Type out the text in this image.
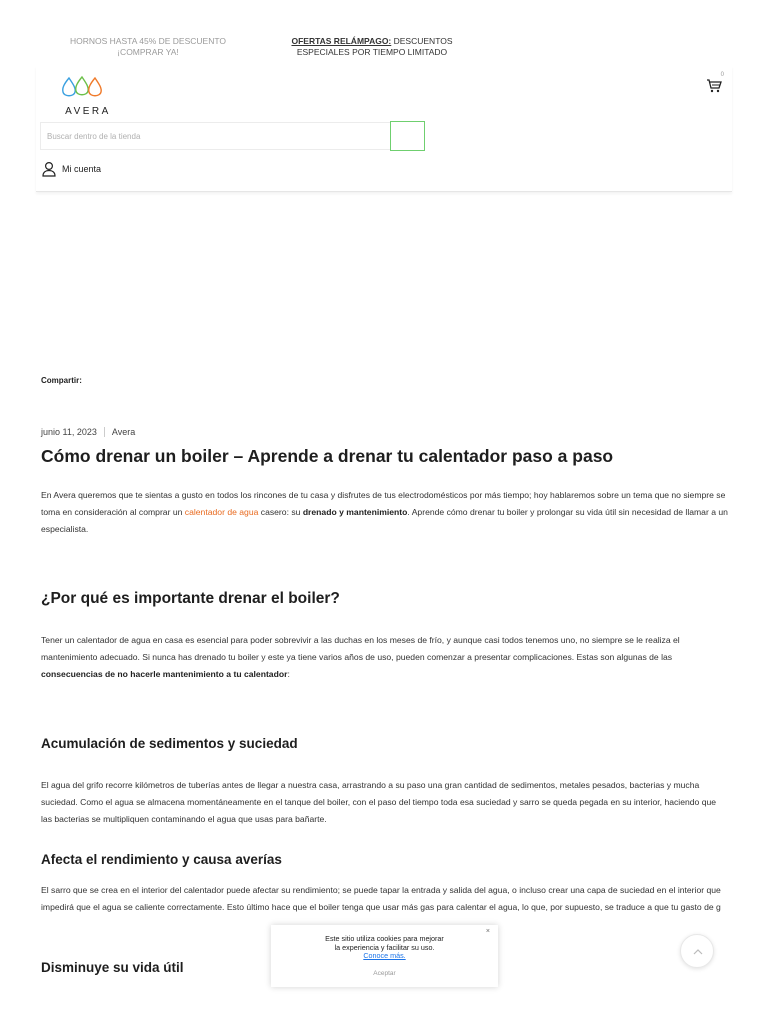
HORNOS HASTA 45% DE DESCUENTO
¡COMPRAR YA!
OFERTAS RELÁMPAGO: DESCUENTOS
ESPECIALES POR TIEMPO LIMITADO
AVERA
0
Buscar dentro de la tienda
Mi cuenta
Compartir:
junio 11, 2023 Avera
Cómo drenar un boiler – Aprende a drenar tu calentador paso a paso

En Avera queremos que te sientas a gusto en todos los rincones de tu casa y disfrutes de tus electrodomésticos por más tiempo; hoy hablaremos sobre un tema que no siempre se toma en consideración al comprar un calentador de agua casero: su drenado y mantenimiento. Aprende cómo drenar tu boiler y prolongar su vida útil sin necesidad de llamar a un especialista.

¿Por qué es importante drenar el boiler?

Tener un calentador de agua en casa es esencial para poder sobrevivir a las duchas en los meses de frío, y aunque casi todos tenemos uno, no siempre se le realiza el mantenimiento adecuado. Si nunca has drenado tu boiler y este ya tiene varios años de uso, pueden comenzar a presentar complicaciones. Estas son algunas de las consecuencias de no hacerle mantenimiento a tu calentador:

Acumulación de sedimentos y suciedad

El agua del grifo recorre kilómetros de tuberías antes de llegar a nuestra casa, arrastrando a su paso una gran cantidad de sedimentos, metales pesados, bacterias y mucha suciedad. Como el agua se almacena momentáneamente en el tanque del boiler, con el paso del tiempo toda esa suciedad y sarro se queda pegada en su interior, haciendo que las bacterias se multipliquen contaminando el agua que usas para bañarte.

Afecta el rendimiento y causa averías

El sarro que se crea en el interior del calentador puede afectar su rendimiento; se puede tapar la entrada y salida del agua, o incluso crear una capa de suciedad en el interior que impedirá que el agua se caliente correctamente. Esto último hace que el boiler tenga que usar más gas para calentar el agua, lo que, por supuesto, se traduce a que tu gasto de g

Disminuye su vida útil
×
Este sitio utiliza cookies para mejorar
la experiencia y facilitar su uso.
Conoce más.
Aceptar
